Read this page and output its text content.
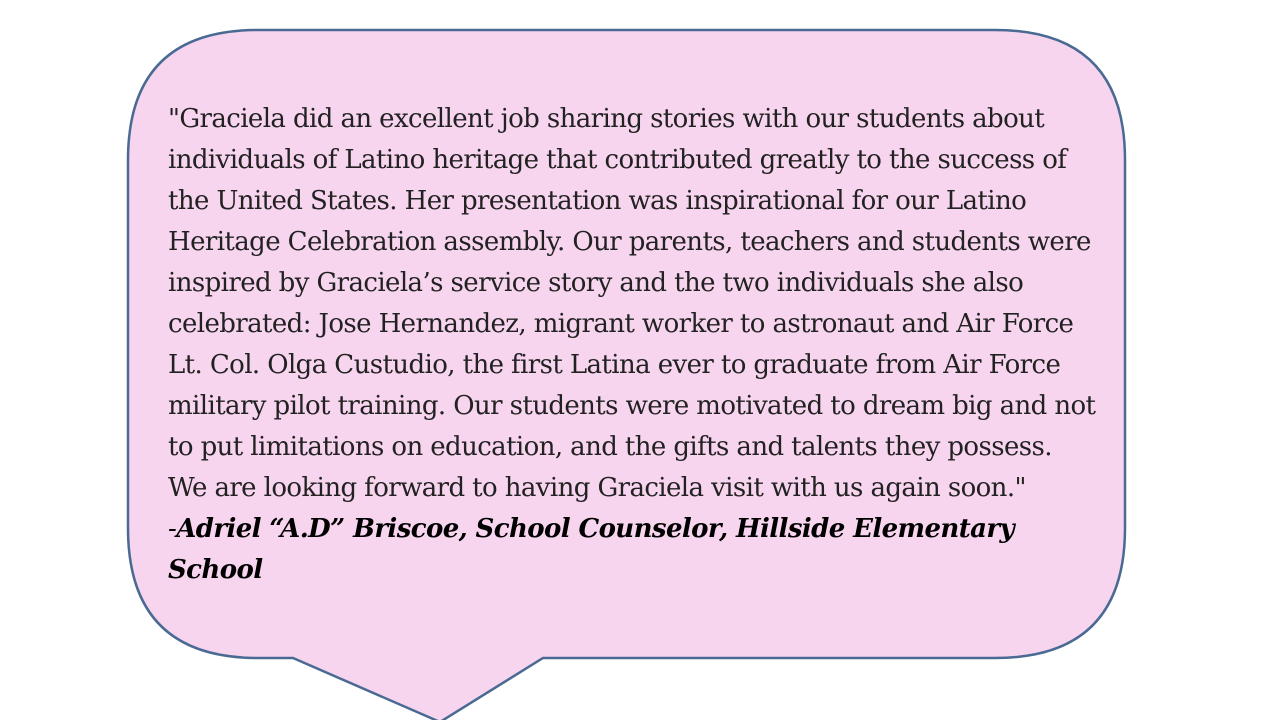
"Graciela did an excellent job sharing stories with our students about individuals of Latino heritage that contributed greatly to the success of the United States. Her presentation was inspirational for our Latino Heritage Celebration assembly. Our parents, teachers and students were inspired by Graciela’s service story and the two individuals she also celebrated: Jose Hernandez, migrant worker to astronaut and Air Force Lt. Col. Olga Custudio, the first Latina ever to graduate from Air Force military pilot training. Our students were motivated to dream big and not to put limitations on education, and the gifts and talents they possess. We are looking forward to having Graciela visit with us again soon."

-Adriel “A.D” Briscoe, School Counselor, Hillside Elementary School
